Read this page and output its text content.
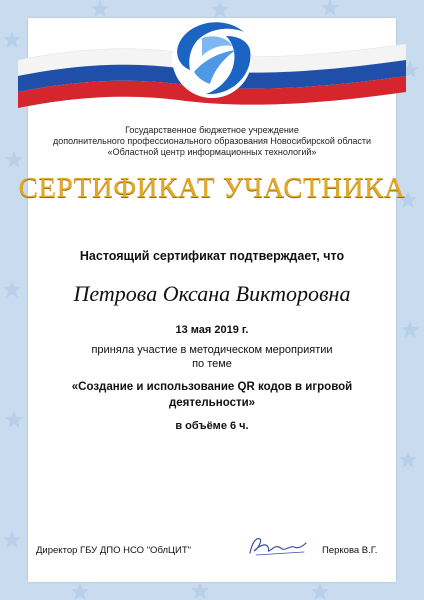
Государственное бюджетное учреждение
дополнительного профессионального образования Новосибирской области
«Областной центр информационных технологий»
СЕРТИФИКАТ УЧАСТНИКА
Настоящий сертификат подтверждает, что
Петрова Оксана Викторовна
13 мая 2019 г.
приняла участие в методическом мероприятии
по теме
«Создание и использование QR кодов в игровой деятельности»
в объёме 6 ч.
Директор ГБУ ДПО НСО "ОблЦИТ"	Перкова В.Г.
